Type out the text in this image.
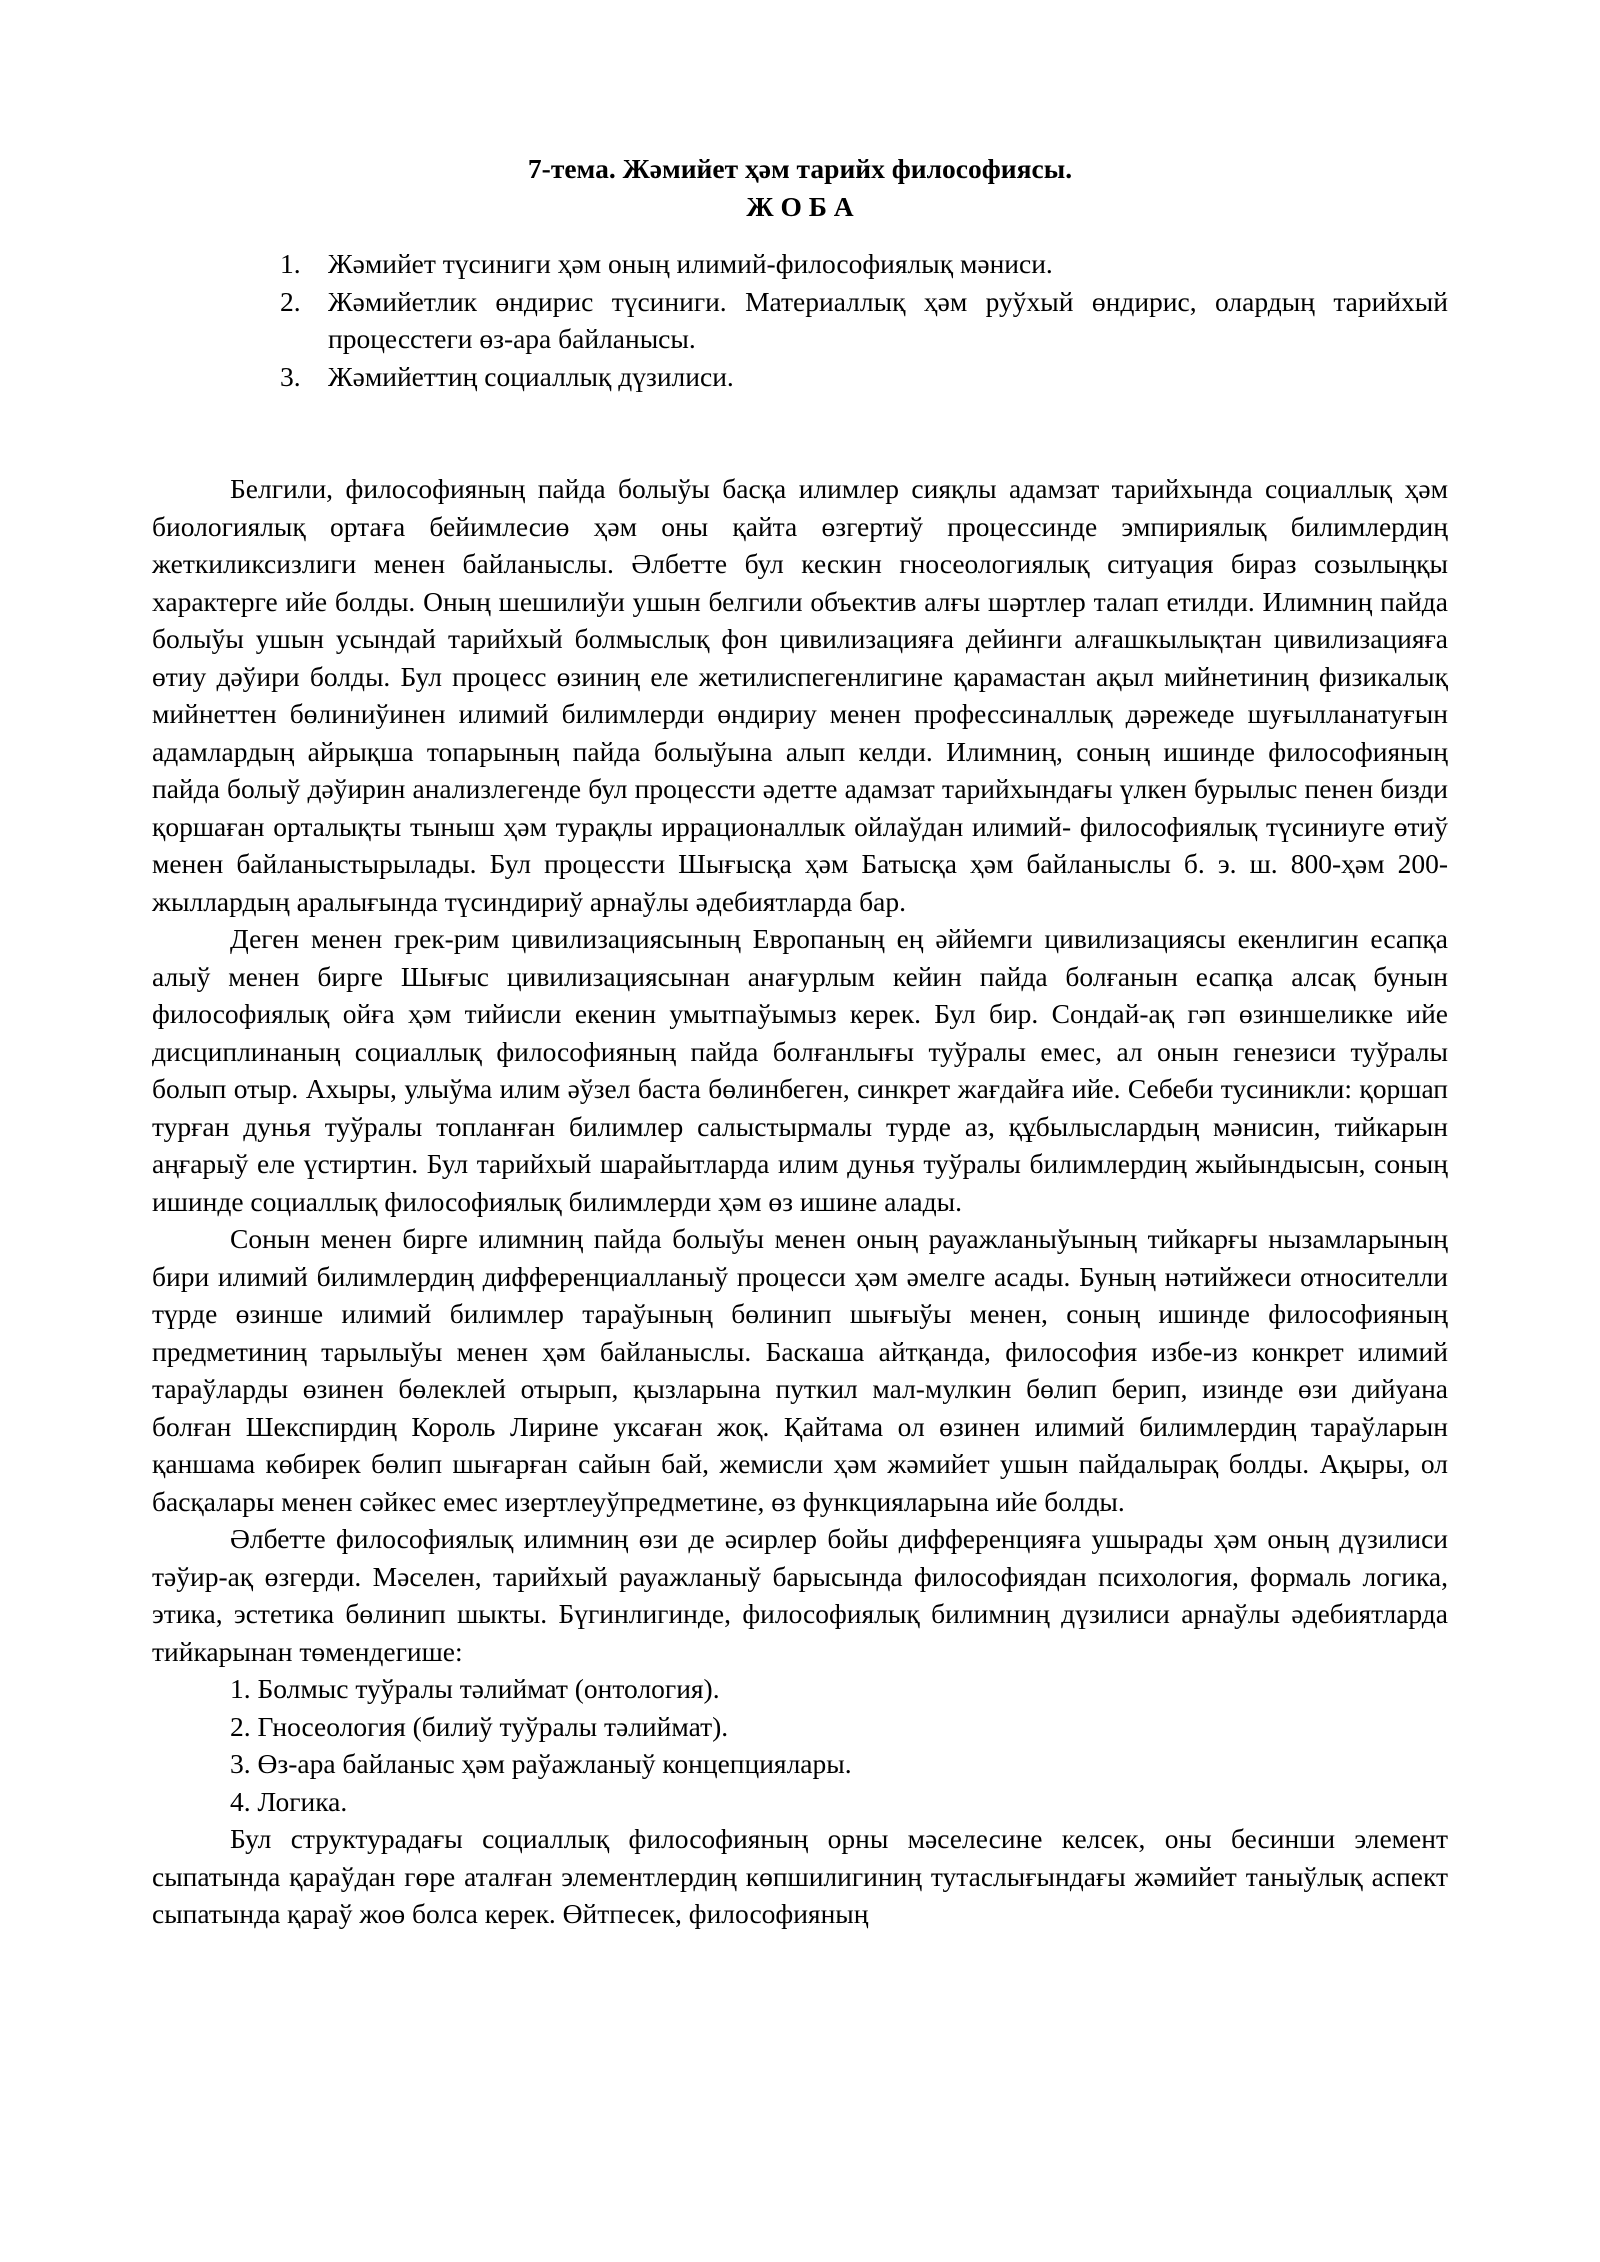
7-тема. Жәмийет ҳәм тарийх философиясы.

Ж О Б А

1. Жәмийет түсиниги ҳәм оның илимий-философиялық мәниси.
2. Жәмийетлик өндирис түсиниги. Материаллық ҳәм руўхый өндирис, олардың тарийхый процесстеги өз-ара байланысы.
3. Жәмийеттиң социаллық дүзилиси.

Белгили, философияның пайда болыўы басқа илимлер сияқлы адамзат тарийхында социаллық ҳәм биологиялық ортаға бейимлесиө ҳәм оны қайта өзгертиў процессинде эмпириялық билимлердиң жеткиликсизлиги менен байланыслы. Әлбетте бул кескин гносеологиялық ситуация бираз созылыңқы характерге ийе болды. Оның шешилиўи ушын белгили объектив алғы шәртлер талап етилди. Илимниң пайда болыўы ушын усындай тарийхый болмыслық фон цивилизацияға дейинги алғашкылықтан цивилизацияға өтиу дәўири болды. Бул процесс өзиниң еле жетилиспегенлигине қарамастан ақыл мийнетиниң физикалық мийнеттен бөлиниўинен илимий билимлерди өндириу менен профессиналлық дәрежеде шуғылланатуғын адамлардың айрықша топарының пайда болыўына алып келди. Илимниң, соның ишинде философияның пайда болыў дәўирин анализлегенде бул процессти әдетте адамзат тарийхындағы үлкен бурылыс пенен бизди қоршаған орталықты тыныш ҳәм турақлы иррационаллык ойлаўдан илимий- философиялық түсиниуге өтиў менен байланыстырылады. Бул процессти Шығысқа ҳәм Батысқа ҳәм байланыслы б. э. ш. 800-ҳәм 200- жыллардың аралығында түсиндириў арнаўлы әдебиятларда бар.

Деген менен грек-рим цивилизациясының Европаның ең әййемги цивилизациясы екенлигин есапқа алыў менен бирге Шығыс цивилизациясынан анағурлым кейин пайда болғанын есапқа алсақ бунын философиялық ойға ҳәм тийисли екенин умытпаўымыз керек. Бул бир. Сондай-ақ гәп өзиншеликке ийе дисциплинаның социаллық философияның пайда болғанлығы туўралы емес, ал онын генезиси туўралы болып отыр. Ахыры, улыўма илим әўзел баста бөлинбеген, синкрет жағдайға ийе. Себеби тусиникли: қоршап турған дунья туўралы топланған билимлер салыстырмалы турде аз, құбылыслардың мәнисин, тийкарын аңғарыў еле үстиртин. Бул тарийхый шарайытларда илим дунья туўралы билимлердиң жыйындысын, соның ишинде социаллық философиялық билимлерди ҳәм өз ишине алады.

Сонын менен бирге илимниң пайда болыўы менен оның рауажланыўының тийкарғы нызамларының бири илимий билимлердиң дифференциалланыў процесси ҳәм әмелге асады. Буның нәтийжеси относителли түрде өзинше илимий билимлер тараўының бөлинип шығыўы менен, соның ишинде философияның предметиниң тарылыўы менен ҳәм байланыслы. Баскаша айтқанда, философия избе-из конкрет илимий тараўларды өзинен бөлеклей отырып, қызларына путкил мал-мулкин бөлип берип, изинде өзи дийуана болған Шекспирдиң Король Лирине уксаған жоқ. Қайтама ол өзинен илимий билимлердиң тараўларын қаншама көбирек бөлип шығарған сайын бай, жемисли ҳәм жәмийет ушын пайдалырақ болды. Ақыры, ол басқалары менен сәйкес емес изертлеуўпредметине, өз функцияларына ийе болды.

Әлбетте философиялық илимниң өзи де әсирлер бойы дифференцияға ушырады ҳәм оның дүзилиси тәўир-ақ өзгерди. Мәселен, тарийхый рауажланыў барысында философиядан психология, формаль логика, этика, эстетика бөлинип шыкты. Бүгинлигинде, философиялық билимниң дүзилиси арнаўлы әдебиятларда тийкарынан төмендегише:

1. Болмыс туўралы тәлиймат (онтология).

2. Гносеология (билиў туўралы тәлиймат).

3. Өз-ара байланыс ҳәм раўажланыў концепциялары.

4. Логика.

Бул структурадағы социаллық философияның орны мәселесине келсек, оны бесинши элемент сыпатында қараўдан гөре аталған элементлердиң көпшилигиниң тутаслығындағы жәмийет таныўлық аспект сыпатында қараў жоө болса керек. Өйтпесек, философияның
